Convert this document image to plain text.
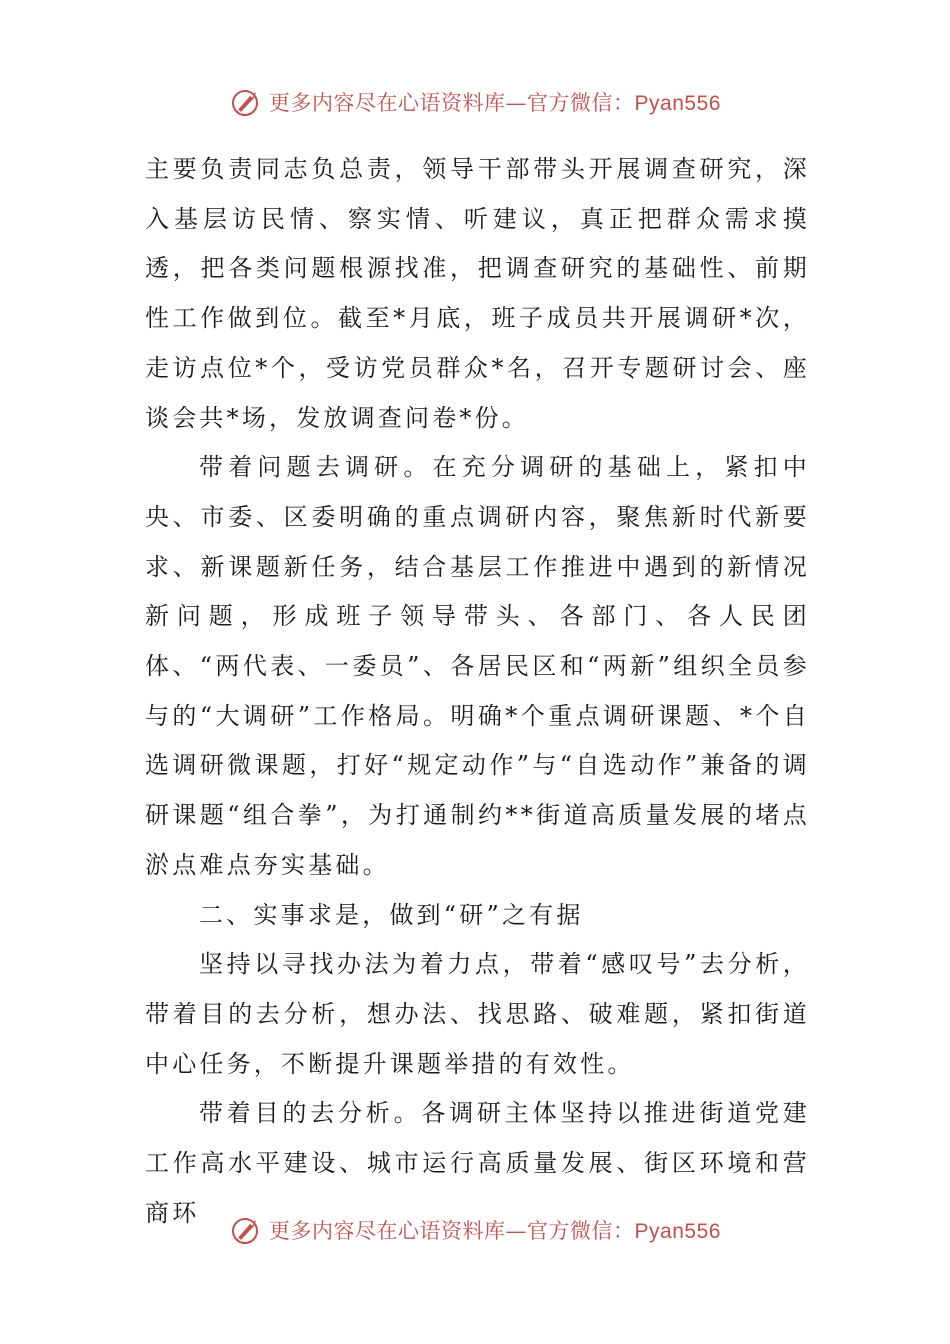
更多内容尽在心语资料库—官方微信：Pyan556

主要负责同志负总责，领导干部带头开展调查研究，深入基层访民情、察实情、听建议，真正把群众需求摸透，把各类问题根源找准，把调查研究的基础性、前期性工作做到位。截至*月底，班子成员共开展调研*次，走访点位*个，受访党员群众*名，召开专题研讨会、座谈会共*场，发放调查问卷*份。

带着问题去调研。在充分调研的基础上，紧扣中央、市委、区委明确的重点调研内容，聚焦新时代新要求、新课题新任务，结合基层工作推进中遇到的新情况新问题，形成班子领导带头、各部门、各人民团体、“两代表、一委员”、各居民区和“两新”组织全员参与的“大调研”工作格局。明确*个重点调研课题、*个自选调研微课题，打好“规定动作”与“自选动作”兼备的调研课题“组合拳”，为打通制约**街道高质量发展的堵点淤点难点夯实基础。

二、实事求是，做到“研”之有据

坚持以寻找办法为着力点，带着“感叹号”去分析，带着目的去分析，想办法、找思路、破难题，紧扣街道中心任务，不断提升课题举措的有效性。

带着目的去分析。各调研主体坚持以推进街道党建工作高水平建设、城市运行高质量发展、街区环境和营商环

更多内容尽在心语资料库—官方微信：Pyan556
